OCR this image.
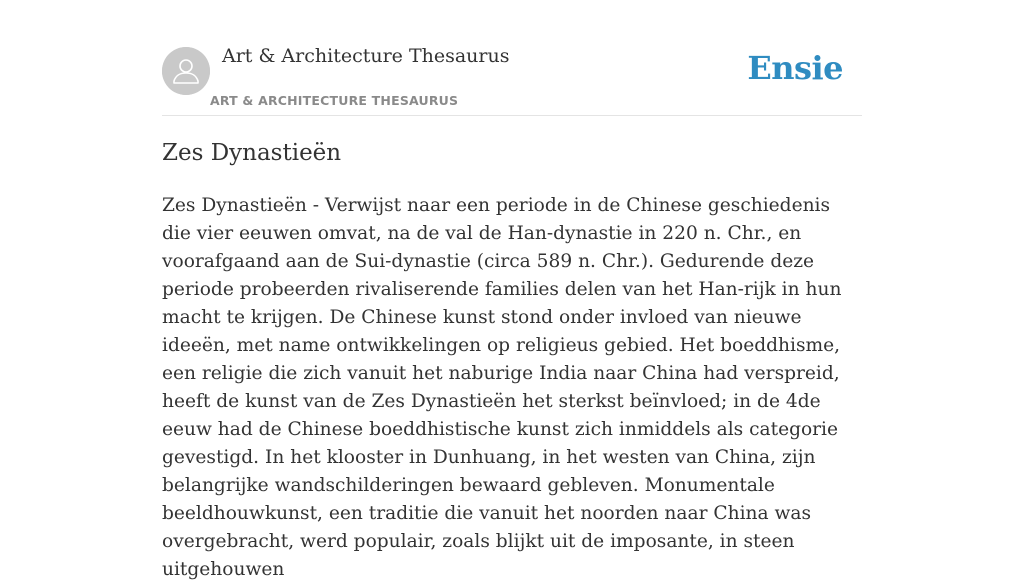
Art & Architecture Thesaurus
ART & ARCHITECTURE THESAURUS
Ensie
Zes Dynastieën

Zes Dynastieën - Verwijst naar een periode in de Chinese geschiedenis die vier eeuwen omvat, na de val de Han-dynastie in 220 n. Chr., en voorafgaand aan de Sui-dynastie (circa 589 n. Chr.). Gedurende deze periode probeerden rivaliserende families delen van het Han-rijk in hun macht te krijgen. De Chinese kunst stond onder invloed van nieuwe ideeën, met name ontwikkelingen op religieus gebied. Het boeddhisme, een religie die zich vanuit het naburige India naar China had verspreid, heeft de kunst van de Zes Dynastieën het sterkst beïnvloed; in de 4de eeuw had de Chinese boeddhistische kunst zich inmiddels als categorie gevestigd. In het klooster in Dunhuang, in het westen van China, zijn belangrijke wandschilderingen bewaard gebleven. Monumentale beeldhouwkunst, een traditie die vanuit het noorden naar China was overgebracht, werd populair, zoals blijkt uit de imposante, in steen uitgehouwen
